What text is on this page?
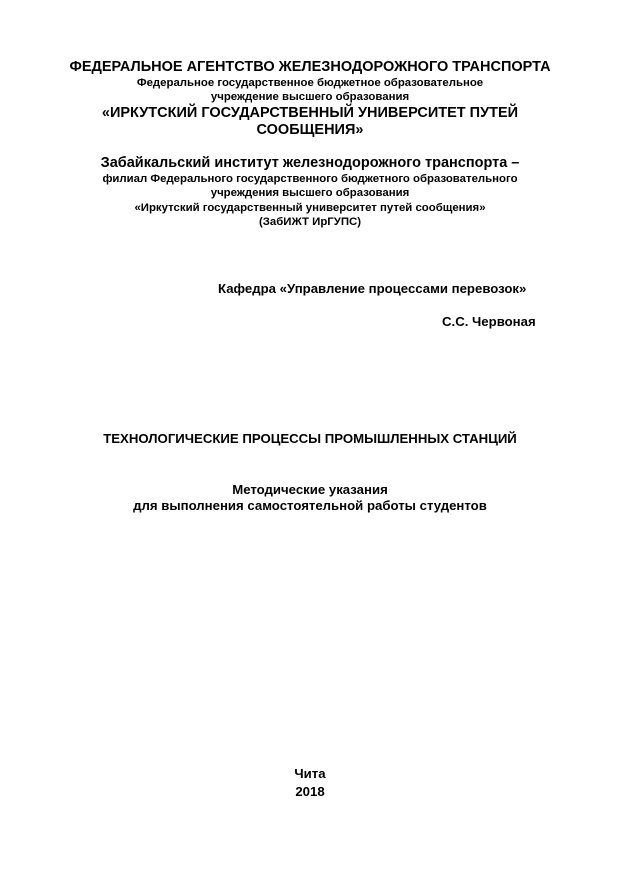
ФЕДЕРАЛЬНОЕ АГЕНТСТВО ЖЕЛЕЗНОДОРОЖНОГО ТРАНСПОРТА
Федеральное государственное бюджетное образовательное
учреждение высшего образования
«ИРКУТСКИЙ ГОСУДАРСТВЕННЫЙ УНИВЕРСИТЕТ ПУТЕЙ
СООБЩЕНИЯ»
Забайкальский институт железнодорожного транспорта –
филиал Федерального государственного бюджетного образовательного
учреждения высшего образования
«Иркутский государственный университет путей сообщения»
(ЗабИЖТ ИрГУПС)
Кафедра «Управление процессами перевозок»
С.С. Червоная
ТЕХНОЛОГИЧЕСКИЕ ПРОЦЕССЫ ПРОМЫШЛЕННЫХ СТАНЦИЙ
Методические указания
для выполнения самостоятельной работы студентов
Чита
2018
